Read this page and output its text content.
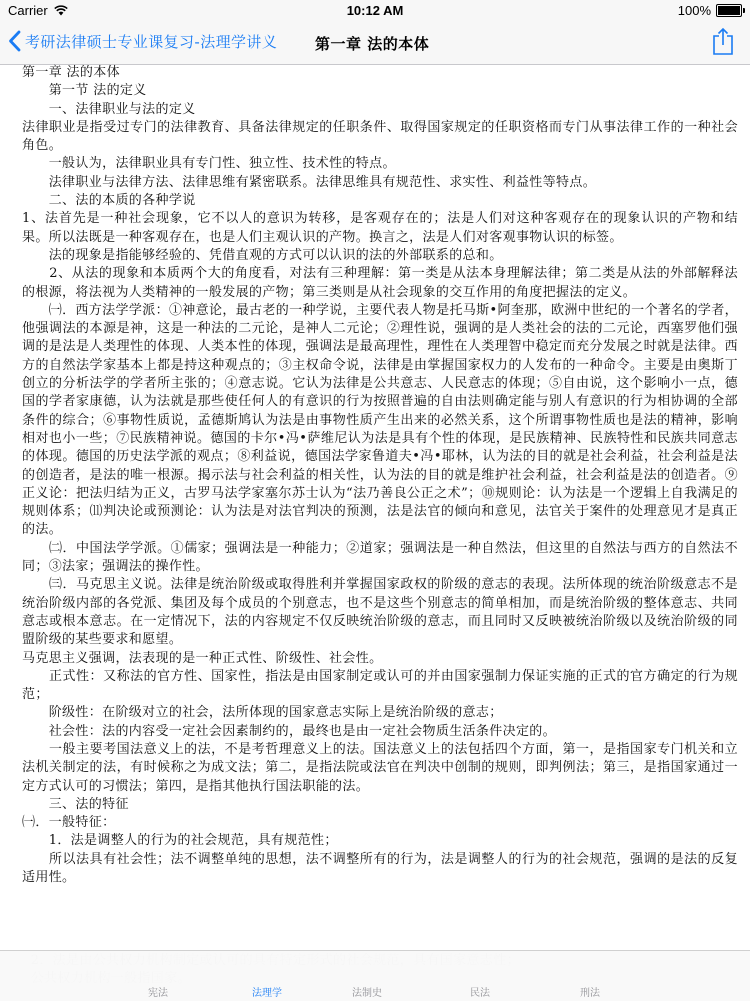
Carrier	10:12 AM	100%
考研法律硕士专业课复习-法理学讲义	第一章 法的本体

第一章 法的本体

　　第一节 法的定义

　　一、法律职业与法的定义

法律职业是指受过专门的法律教育、具备法律规定的任职条件、取得国家规定的任职资格而专门从事法律工作的一种社会角色。

　　一般认为，法律职业具有专门性、独立性、技术性的特点。

　　法律职业与法律方法、法律思维有紧密联系。法律思维具有规范性、求实性、利益性等特点。

　　二、法的本质的各种学说

1、法首先是一种社会现象，它不以人的意识为转移，是客观存在的；法是人们对这种客观存在的现象认识的产物和结果。所以法既是一种客观存在，也是人们主观认识的产物。换言之，法是人们对客观事物认识的标签。

　　法的现象是指能够经验的、凭借直观的方式可以认识的法的外部联系的总和。

　　2、从法的现象和本质两个大的角度看，对法有三种理解：第一类是从法本身理解法律；第二类是从法的外部解释法的根源，将法视为人类精神的一般发展的产物；第三类则是从社会现象的交互作用的角度把握法的定义。

　　㈠．西方法学学派：①神意论，最古老的一种学说，主要代表人物是托马斯•阿奎那，欧洲中世纪的一个著名的学者，他强调法的本源是神，这是一种法的二元论，是神人二元论；②理性说，强调的是人类社会的法的二元论，西塞罗他们强调的是法是人类理性的体现、人类本性的体现，强调法是最高理性，理性在人类理智中稳定而充分发展之时就是法律。西方的自然法学家基本上都是持这种观点的；③主权命令说，法律是由掌握国家权力的人发布的一种命令。主要是由奥斯丁创立的分析法学的学者所主张的；④意志说。它认为法律是公共意志、人民意志的体现；⑤自由说，这个影响小一点，德国的学者家康德，认为法就是那些使任何人的有意识的行为按照普遍的自由法则确定能与别人有意识的行为相协调的全部条件的综合；⑥事物性质说，孟德斯鸠认为法是由事物性质产生出来的必然关系，这个所谓事物性质也是法的精神，影响相对也小一些；⑦民族精神说。德国的卡尔•冯•萨维尼认为法是具有个性的体现，是民族精神、民族特性和民族共同意志的体现。德国的历史法学派的观点；⑧利益说，德国法学家鲁道夫•冯•耶林，认为法的目的就是社会利益，社会利益是法的创造者，是法的唯一根源。揭示法与社会利益的相关性，认为法的目的就是维护社会利益，社会利益是法的创造者。⑨正义论：把法归结为正义，古罗马法学家塞尔苏士认为“法乃善良公正之术”；⑩规则论：认为法是一个逻辑上自我满足的规则体系；⑾判决论或预测论：认为法是对法官判决的预测，法是法官的倾向和意见，法官关于案件的处理意见才是真正的法。

　　㈡．中国法学学派。①儒家；强调法是一种能力；②道家；强调法是一种自然法，但这里的自然法与西方的自然法不同；③法家；强调法的操作性。

　　㈢．马克思主义说。法律是统治阶级或取得胜利并掌握国家政权的阶级的意志的表现。法所体现的统治阶级意志不是统治阶级内部的各党派、集团及每个成员的个别意志，也不是这些个别意志的简单相加，而是统治阶级的整体意志、共同意志或根本意志。在一定情况下，法的内容规定不仅反映统治阶级的意志，而且同时又反映被统治阶级以及统治阶级的同盟阶级的某些要求和愿望。

马克思主义强调，法表现的是一种正式性、阶级性、社会性。

　　正式性：又称法的官方性、国家性，指法是由国家制定或认可的并由国家强制力保证实施的正式的官方确定的行为规范；

　　阶级性：在阶级对立的社会，法所体现的国家意志实际上是统治阶级的意志；

　　社会性：法的内容受一定社会因素制约的，最终也是由一定社会物质生活条件决定的。

　　一般主要考国法意义上的法，不是考哲理意义上的法。国法意义上的法包括四个方面，第一，是指国家专门机关和立法机关制定的法，有时候称之为成文法；第二，是指法院或法官在判决中创制的规则，即判例法；第三，是指国家通过一定方式认可的习惯法；第四，是指其他执行国法职能的法。

　　三、法的特征

㈠．一般特征：

　　1．法是调整人的行为的社会规范，具有规范性；

　　所以法具有社会性；法不调整单纯的思想，法不调整所有的行为，法是调整人的行为的社会规范，强调的是法的反复适用性。

宪法	法理学	法制史	民法	刑法
